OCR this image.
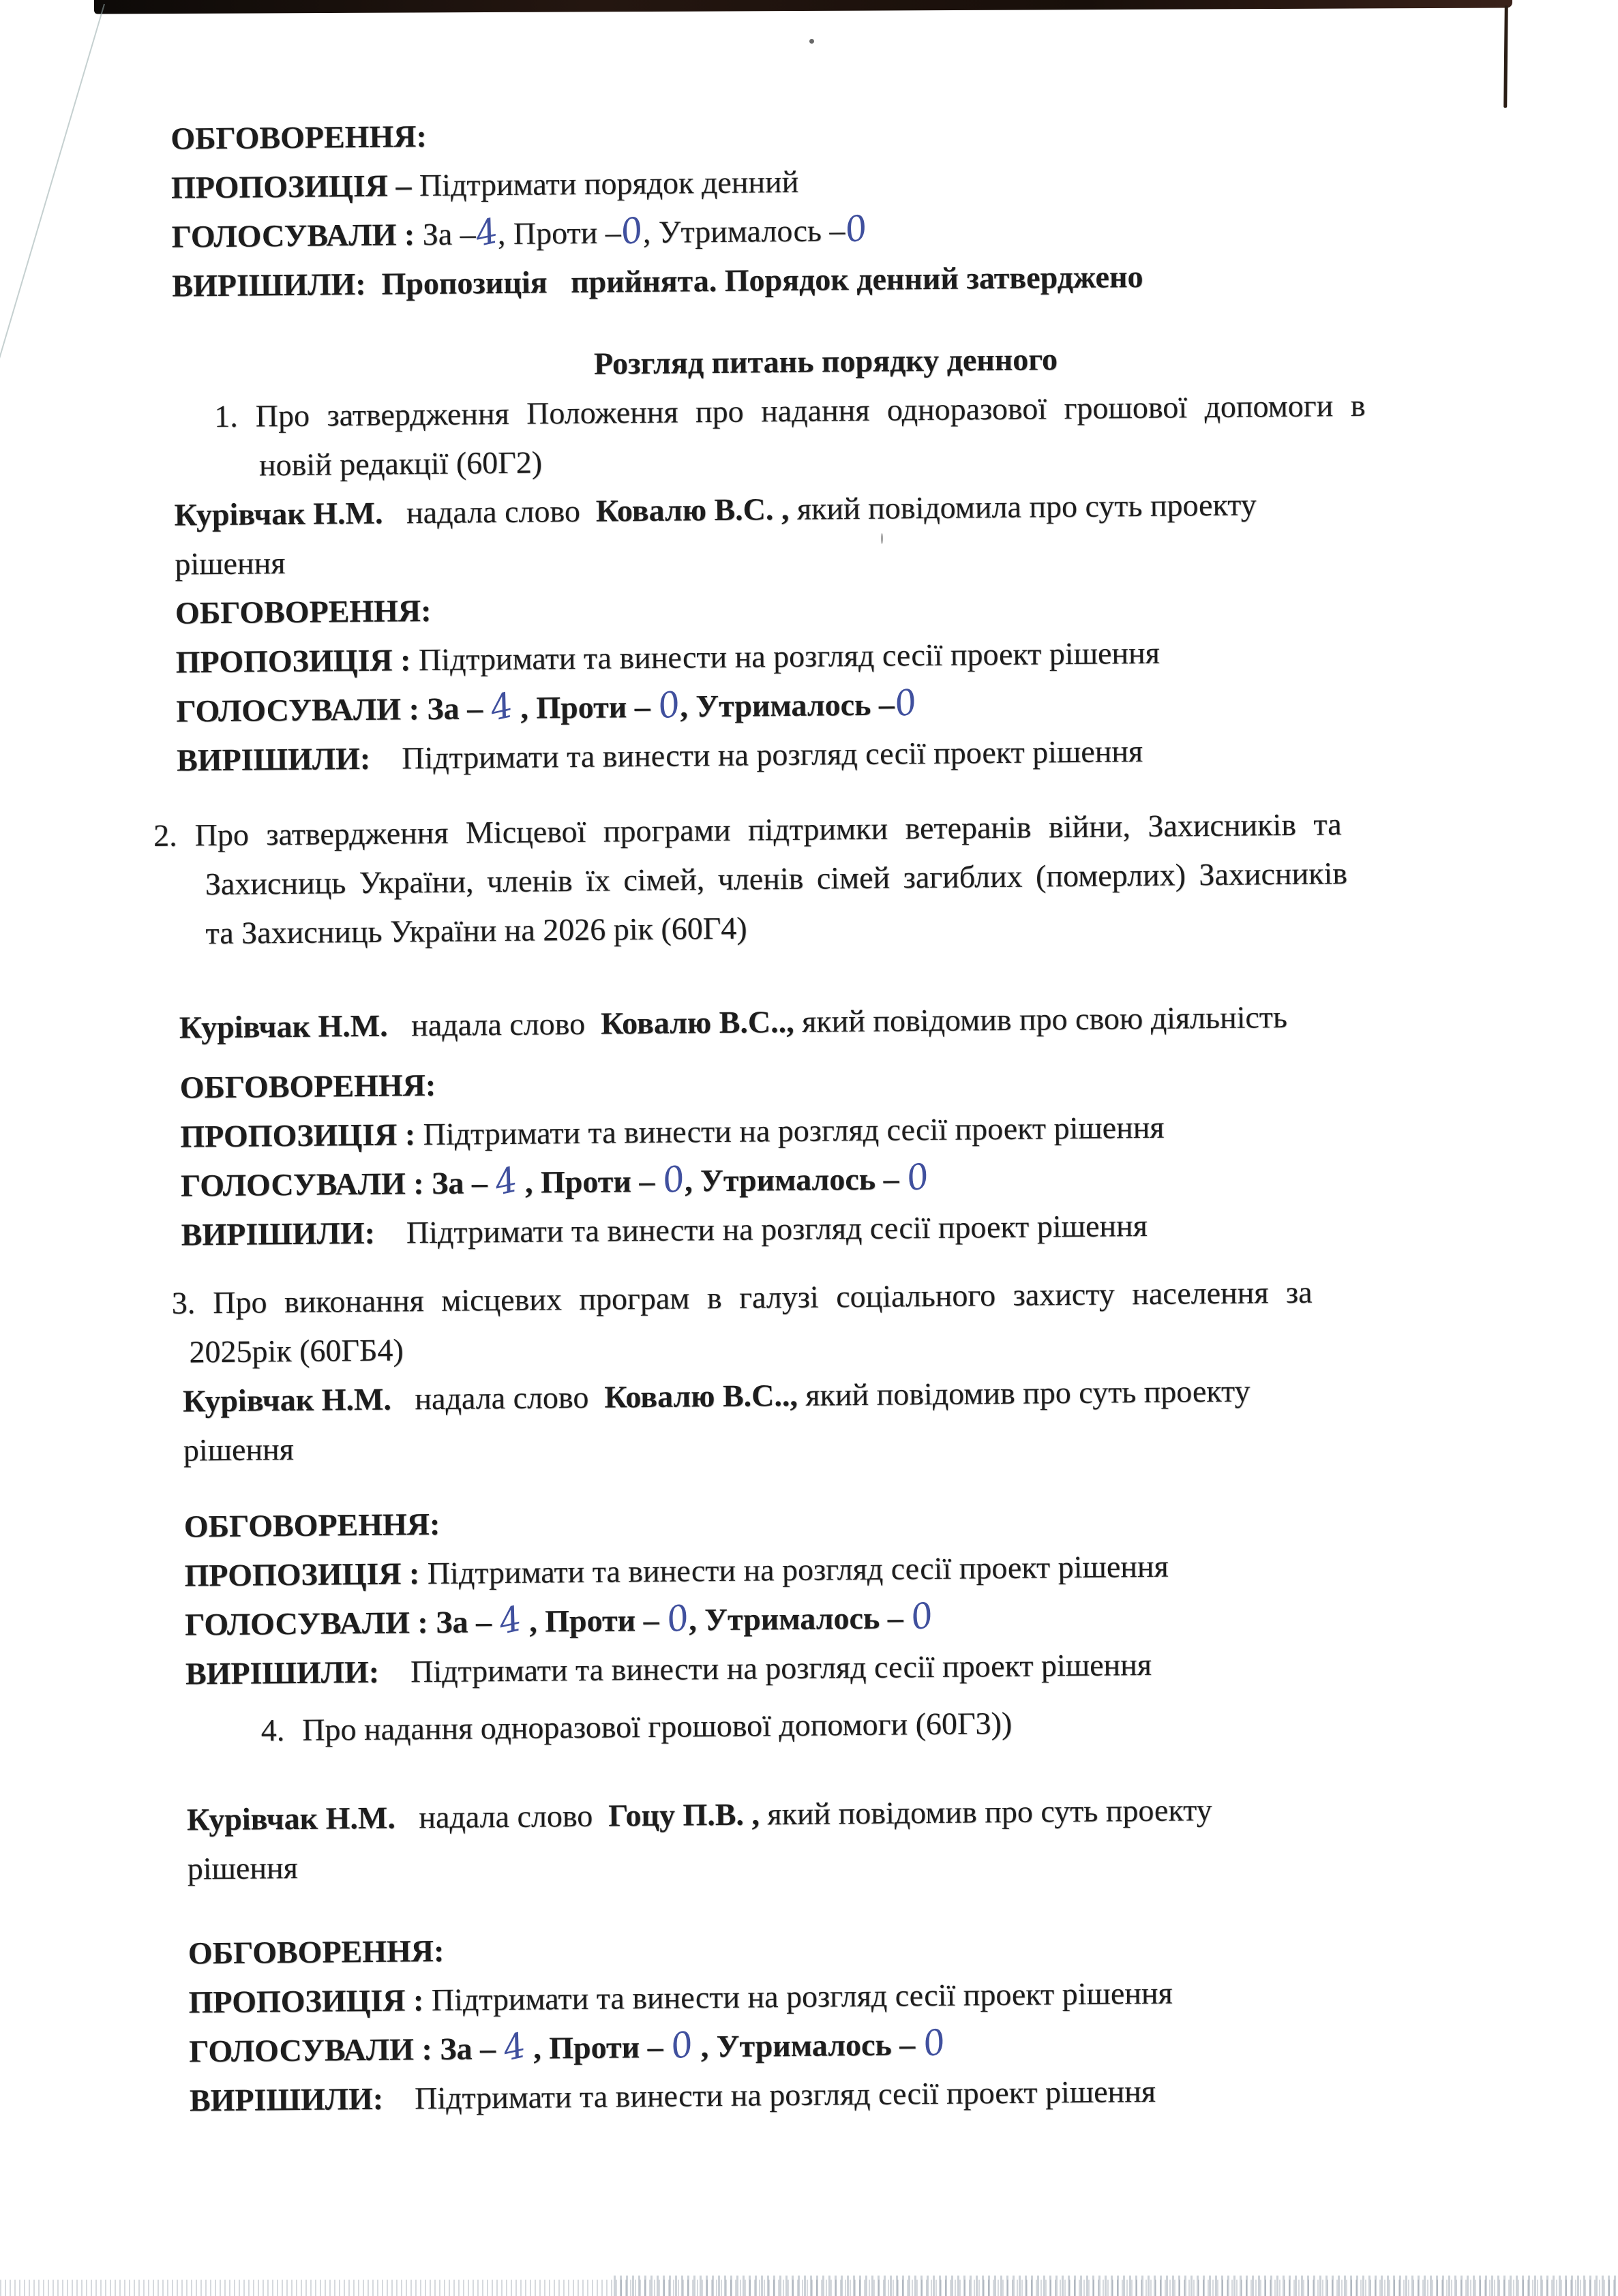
ОБГОВОРЕННЯ:
ПРОПОЗИЦІЯ – Підтримати порядок денний
ГОЛОСУВАЛИ : За –4, Проти –0, Утрималось –0
ВИРІШИЛИ:  Пропозиція   прийнята. Порядок денний затверджено
Розгляд питань порядку денного
1. Про затвердження Положення про надання одноразової грошової допомоги в
новій редакції (60Г2)
Курівчак Н.М.   надала слово  Ковалю В.С. , який повідомила про суть проекту
рішення
ОБГОВОРЕННЯ:
ПРОПОЗИЦІЯ : Підтримати та винести на розгляд сесії проект рішення
ГОЛОСУВАЛИ : За – 4 , Проти – 0, Утрималось –0
ВИРІШИЛИ:    Підтримати та винести на розгляд сесії проект рішення
2. Про затвердження Місцевої програми підтримки ветеранів війни, Захисників та
Захисниць України, членів їх сімей, членів сімей загиблих (померлих) Захисників
та Захисниць України на 2026 рік (60Г4)
Курівчак Н.М.   надала слово  Ковалю В.С.., який повідомив про свою діяльність
ОБГОВОРЕННЯ:
ПРОПОЗИЦІЯ : Підтримати та винести на розгляд сесії проект рішення
ГОЛОСУВАЛИ : За – 4 , Проти – 0, Утрималось – 0
ВИРІШИЛИ:    Підтримати та винести на розгляд сесії проект рішення
3. Про виконання місцевих програм в галузі соціального захисту населення за
2025рік (60ГБ4)
Курівчак Н.М.   надала слово  Ковалю В.С.., який повідомив про суть проекту
рішення
ОБГОВОРЕННЯ:
ПРОПОЗИЦІЯ : Підтримати та винести на розгляд сесії проект рішення
ГОЛОСУВАЛИ : За – 4 , Проти – 0, Утрималось – 0
ВИРІШИЛИ:    Підтримати та винести на розгляд сесії проект рішення
4. Про надання одноразової грошової допомоги (60Г3))
Курівчак Н.М.   надала слово  Гоцу П.В. , який повідомив про суть проекту
рішення
ОБГОВОРЕННЯ:
ПРОПОЗИЦІЯ : Підтримати та винести на розгляд сесії проект рішення
ГОЛОСУВАЛИ : За – 4 , Проти – 0 , Утрималось – 0
ВИРІШИЛИ:    Підтримати та винести на розгляд сесії проект рішення
